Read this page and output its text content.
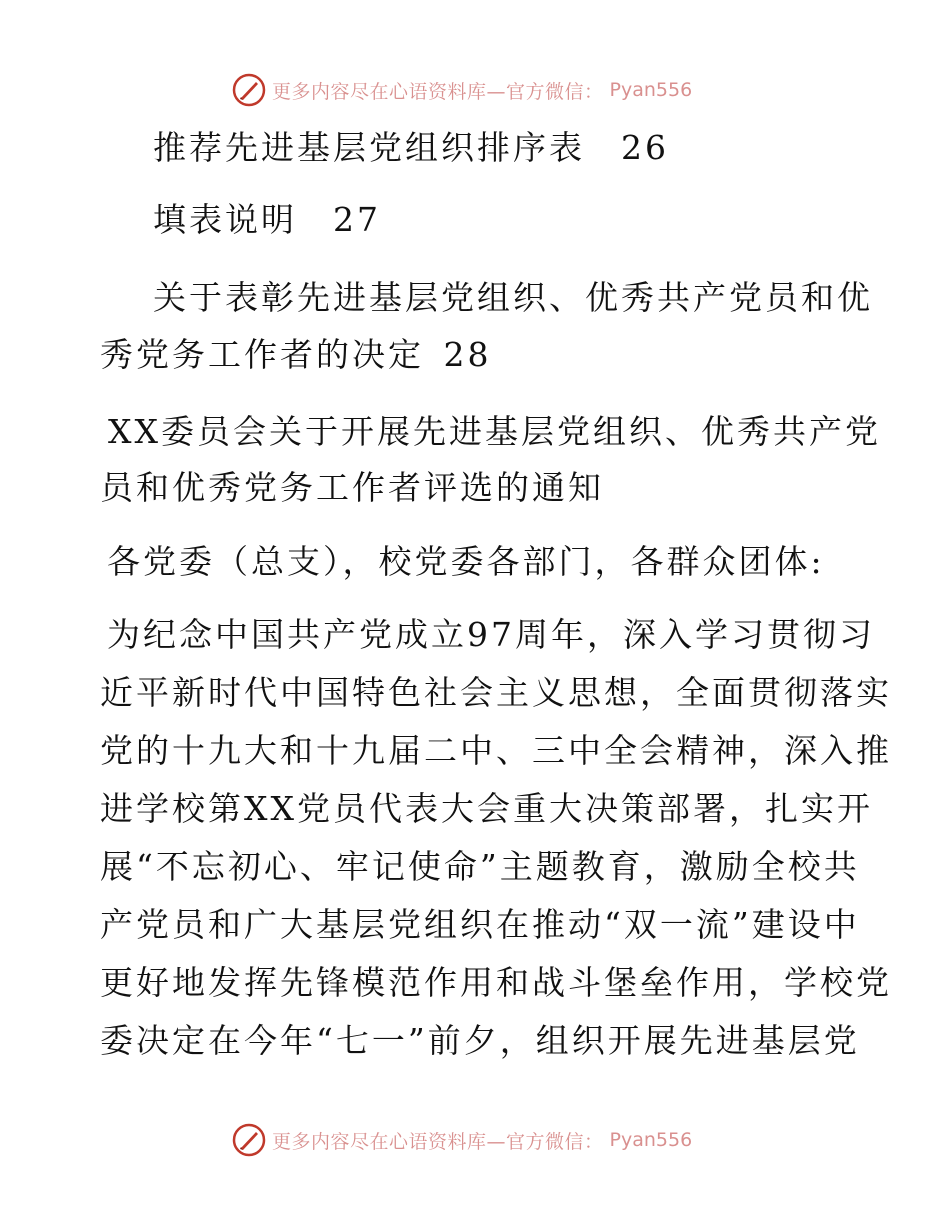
更多内容尽在心语资料库—官方微信： Pyan556
推荐先进基层党组织排序表  26
填表说明  27
关于表彰先进基层党组织、优秀共产党员和优
秀党务工作者的决定  28
XX委员会关于开展先进基层党组织、优秀共产党
员和优秀党务工作者评选的通知
各党委（总支），校党委各部门，各群众团体:
为纪念中国共产党成立97周年，深入学习贯彻习
近平新时代中国特色社会主义思想，全面贯彻落实
党的十九大和十九届二中、三中全会精神，深入推
进学校第XX党员代表大会重大决策部署，扎实开
展“不忘初心、牢记使命”主题教育，激励全校共
产党员和广大基层党组织在推动“双一流”建设中
更好地发挥先锋模范作用和战斗堡垒作用，学校党
委决定在今年“七一”前夕，组织开展先进基层党
更多内容尽在心语资料库—官方微信： Pyan556
